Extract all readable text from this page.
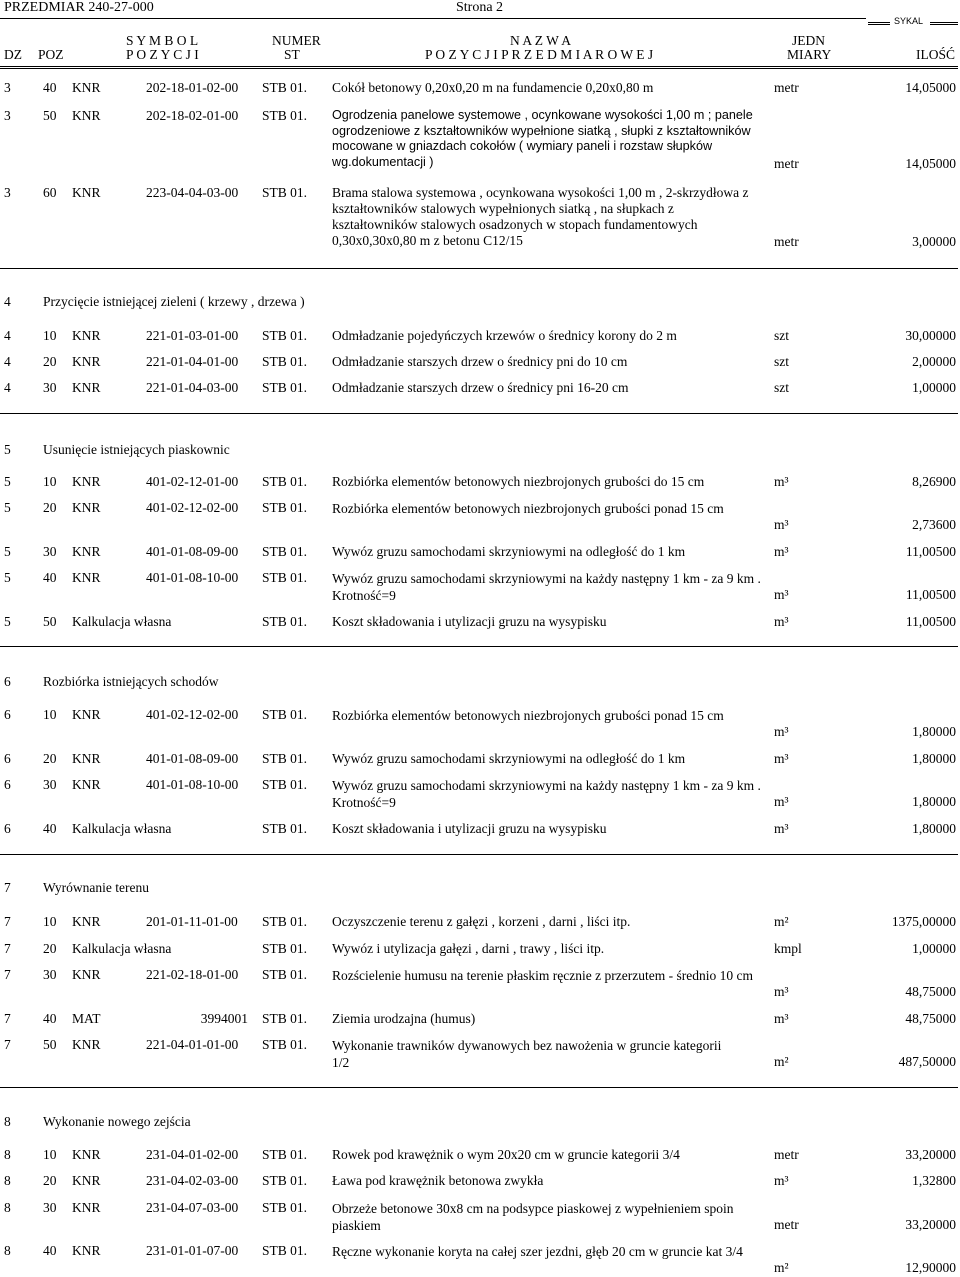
PRZEDMIAR 240-27-000	Strona 2
SYKAL
S Y M B O L
P O Z Y C J I
DZ POZ
NUMER
ST
N A Z W A
P O Z Y C J I P R Z E D M I A R O W E J
JEDN
MIARY	ILOŚĆ
3 40 KNR	202-18-01-02-00 STB 01. Cokół betonowy 0,20x0,20 m na fundamencie 0,20x0,80 m	metr	14,05000
3 50 KNR	202-18-02-01-00 STB 01. Ogrodzenia panelowe systemowe , ocynkowane wysokości 1,00 m ; panele ogrodzeniowe z kształtowników wypełnione siatką , słupki z kształtowników mocowane w gniazdach cokołów ( wymiary paneli i rozstaw słupków wg.dokumentacji )	metr	14,05000
3 60 KNR	223-04-04-03-00 STB 01. Brama stalowa systemowa , ocynkowana wysokości 1,00 m , 2-skrzydłowa z kształtowników stalowych wypełnionych siatką , na słupkach z kształtowników stalowych osadzonych w stopach fundamentowych 0,30x0,30x0,80 m z betonu C12/15	metr	3,00000
4 Przycięcie istniejącej zieleni ( krzewy , drzewa )
4 10 KNR	221-01-03-01-00 STB 01. Odmładzanie pojedyńczych krzewów o średnicy korony do 2 m	szt	30,00000
4 20 KNR	221-01-04-01-00 STB 01. Odmładzanie starszych drzew o średnicy pni do 10 cm	szt	2,00000
4 30 KNR	221-01-04-03-00 STB 01. Odmładzanie starszych drzew o średnicy pni 16-20 cm	szt	1,00000
5 Usunięcie istniejących piaskownic
5 10 KNR	401-02-12-01-00 STB 01. Rozbiórka elementów betonowych niezbrojonych grubości do 15 cm	m³	8,26900
5 20 KNR	401-02-12-02-00 STB 01. Rozbiórka elementów betonowych niezbrojonych grubości ponad 15 cm
m³	2,73600
5 30 KNR	401-01-08-09-00 STB 01. Wywóz gruzu samochodami skrzyniowymi na odległość do 1 km	m³	11,00500
5 40 KNR	401-01-08-10-00 STB 01. Wywóz gruzu samochodami skrzyniowymi na każdy następny 1 km - za 9 km . Krotność=9	m³	11,00500
5 50 Kalkulacja własna	STB 01. Koszt składowania i utylizacji gruzu na wysypisku	m³	11,00500
6 Rozbiórka istniejących schodów
6 10 KNR	401-02-12-02-00 STB 01. Rozbiórka elementów betonowych niezbrojonych grubości ponad 15 cm
m³	1,80000
6 20 KNR	401-01-08-09-00 STB 01. Wywóz gruzu samochodami skrzyniowymi na odległość do 1 km	m³	1,80000
6 30 KNR	401-01-08-10-00 STB 01. Wywóz gruzu samochodami skrzyniowymi na każdy następny 1 km - za 9 km . Krotność=9	m³	1,80000
6 40 Kalkulacja własna	STB 01. Koszt składowania i utylizacji gruzu na wysypisku	m³	1,80000
7 Wyrównanie terenu
7 10 KNR	201-01-11-01-00 STB 01. Oczyszczenie terenu z gałęzi , korzeni , darni , liści itp.	m²	1375,00000
7 20 Kalkulacja własna	STB 01. Wywóz i utylizacja gałęzi , darni , trawy , liści itp.	kmpl	1,00000
7 30 KNR	221-02-18-01-00 STB 01. Rozścielenie humusu na terenie płaskim ręcznie z przerzutem - średnio 10 cm
m³	48,75000
7 40 MAT	3994001 STB 01. Ziemia urodzajna (humus)	m³	48,75000
7 50 KNR	221-04-01-01-00 STB 01. Wykonanie trawników dywanowych bez nawożenia w gruncie kategorii 1/2	m²	487,50000
8 Wykonanie nowego zejścia
8 10 KNR	231-04-01-02-00 STB 01. Rowek pod krawężnik o wym 20x20 cm w gruncie kategorii 3/4	metr	33,20000
8 20 KNR	231-04-02-03-00 STB 01. Ława pod krawężnik betonowa zwykła	m³	1,32800
8 30 KNR	231-04-07-03-00 STB 01. Obrzeże betonowe 30x8 cm na podsypce piaskowej z wypełnieniem spoin piaskiem	metr	33,20000
8 40 KNR	231-01-01-07-00 STB 01. Ręczne wykonanie koryta na całej szer jezdni, głęb 20 cm w gruncie kat 3/4
m²	12,90000
